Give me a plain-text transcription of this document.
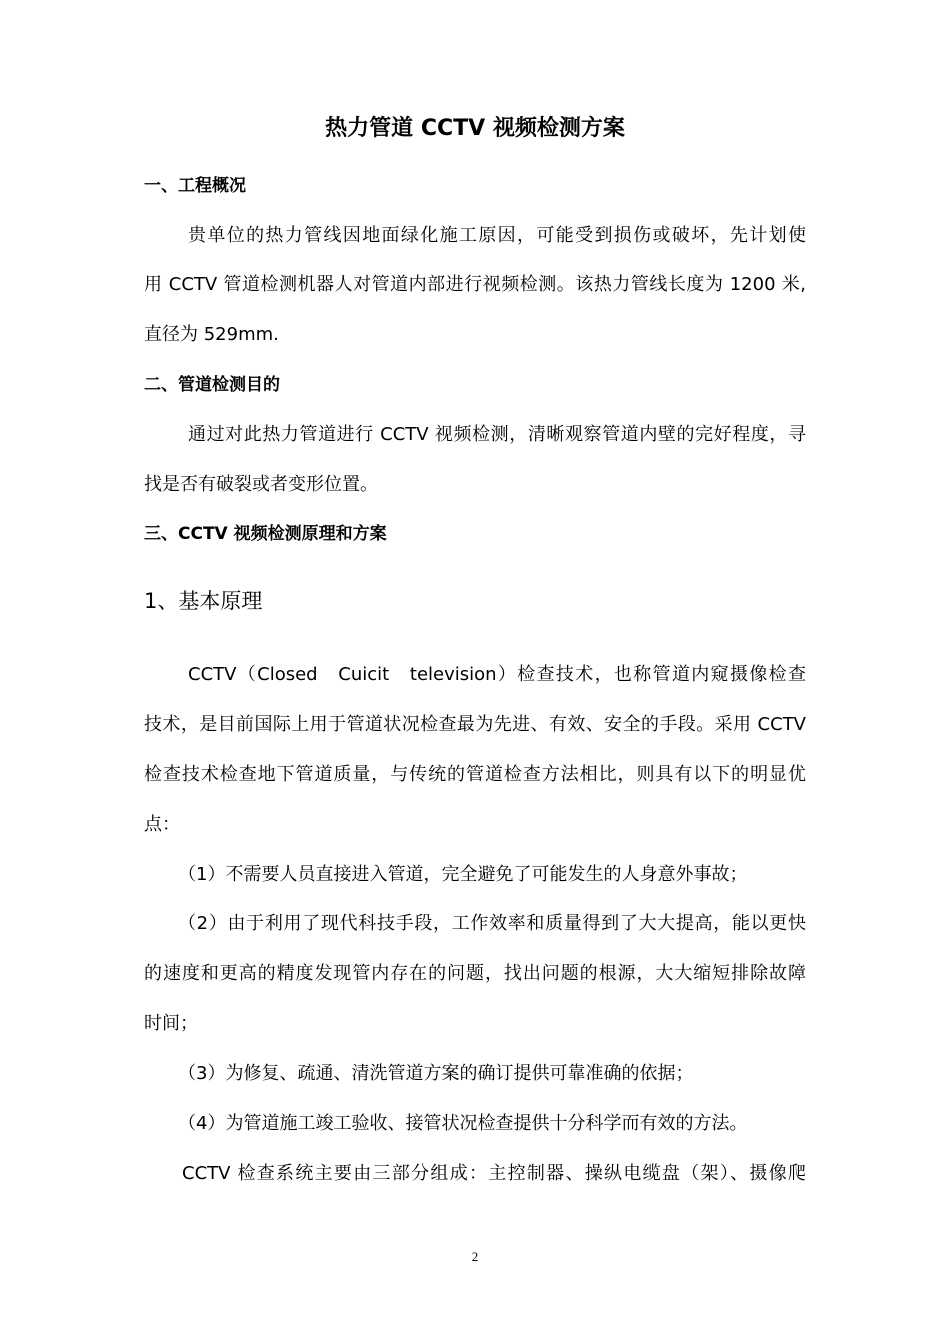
热力管道 CCTV 视频检测方案
一、工程概况
贵单位的热力管线因地面绿化施工原因，可能受到损伤或破坏，先计划使
用 CCTV 管道检测机器人对管道内部进行视频检测。该热力管线长度为 1200 米,
直径为 529mm.
二、管道检测目的
通过对此热力管道进行 CCTV 视频检测，清晰观察管道内壁的完好程度，寻
找是否有破裂或者变形位置。
三、CCTV 视频检测原理和方案
1、基本原理
CCTV（Closed　Cuicit　television）检查技术，也称管道内窥摄像检查
技术，是目前国际上用于管道状况检查最为先进、有效、安全的手段。采用 CCTV
检查技术检查地下管道质量，与传统的管道检查方法相比，则具有以下的明显优
点：
（1）不需要人员直接进入管道，完全避免了可能发生的人身意外事故；
（2）由于利用了现代科技手段，工作效率和质量得到了大大提高，能以更快
的速度和更高的精度发现管内存在的问题，找出问题的根源，大大缩短排除故障
时间；
（3）为修复、疏通、清洗管道方案的确订提供可靠准确的依据；
（4）为管道施工竣工验收、接管状况检查提供十分科学而有效的方法。
CCTV 检查系统主要由三部分组成：主控制器、操纵电缆盘（架）、摄像爬
2
